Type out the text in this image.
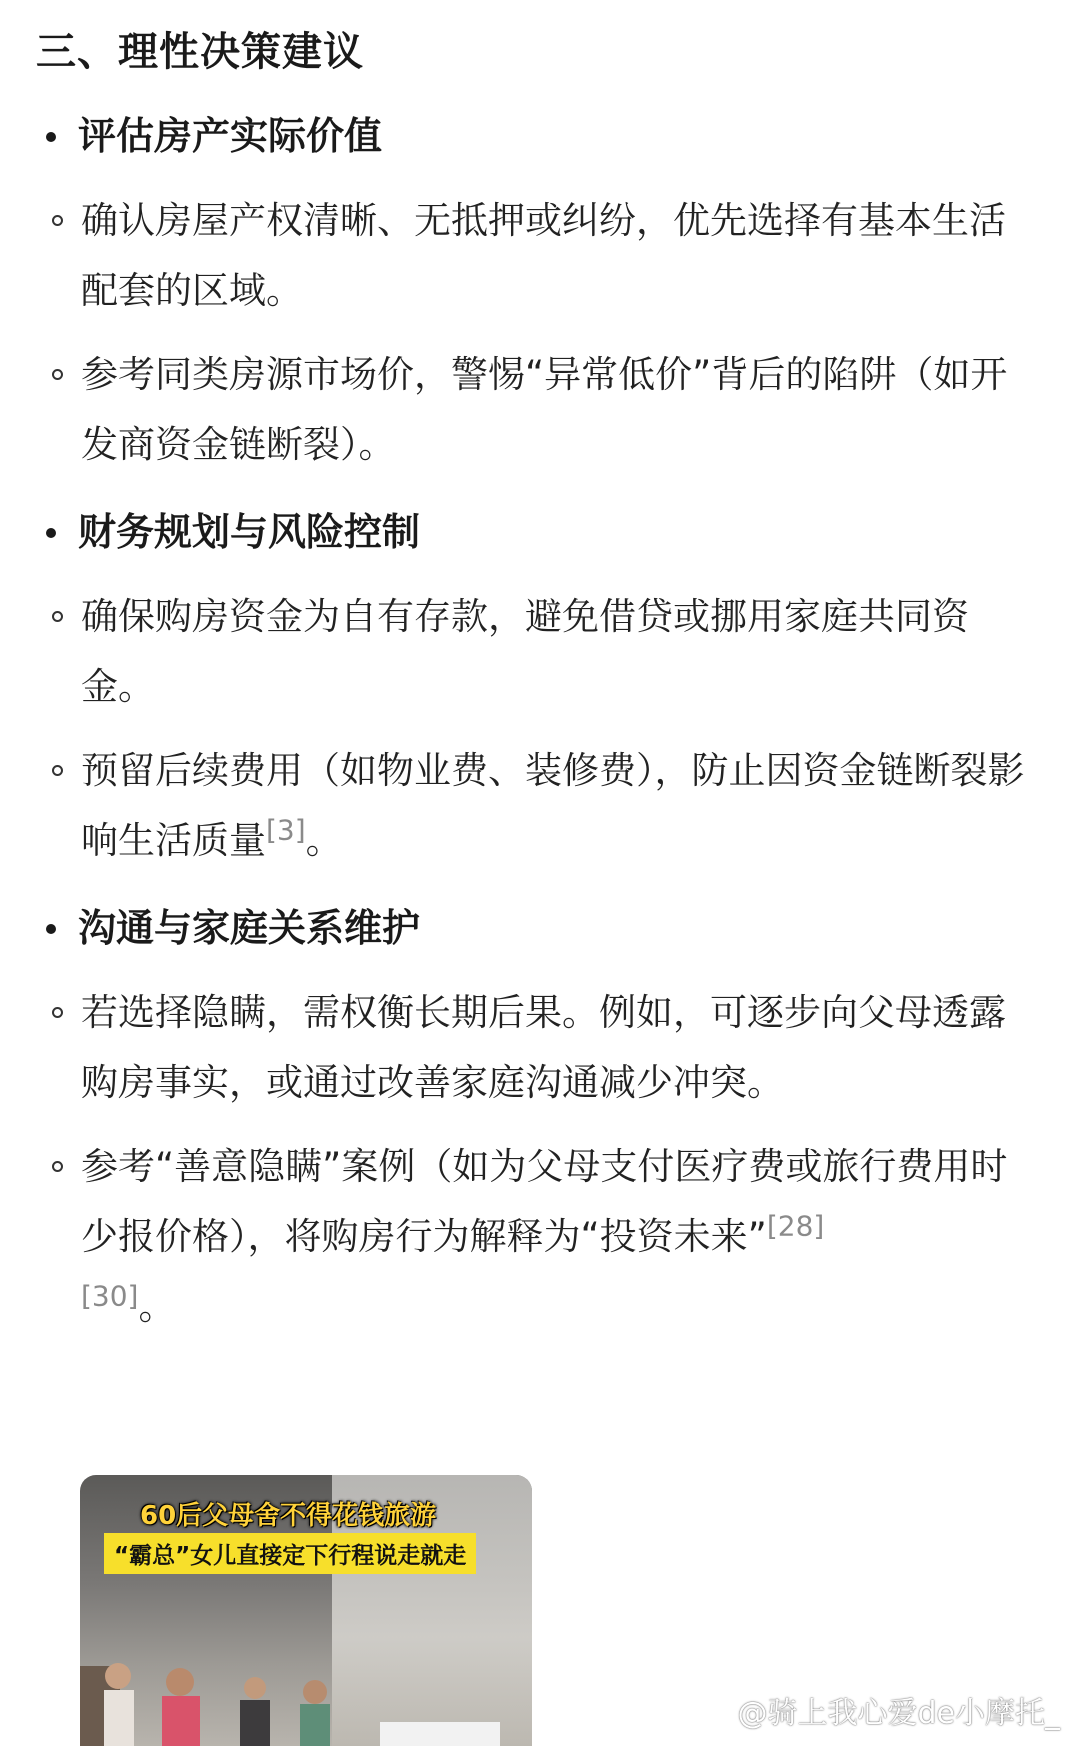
三、理性决策建议
评估房产实际价值
确认房屋产权清晰、无抵押或纠纷，优先选择有基本生活配套的区域。
参考同类房源市场价，警惕“异常低价”背后的陷阱（如开发商资金链断裂）。
财务规划与风险控制
确保购房资金为自有存款，避免借贷或挪用家庭共同资金。
预留后续费用（如物业费、装修费），防止因资金链断裂影响生活质量[3]。
沟通与家庭关系维护
若选择隐瞒，需权衡长期后果。例如，可逐步向父母透露购房事实，或通过改善家庭沟通减少冲突。
参考“善意隐瞒”案例（如为父母支付医疗费或旅行费用时少报价格），将购房行为解释为“投资未来”[28]
[30]。
60后父母舍不得花钱旅游
“霸总”女儿直接定下行程说走就走
@骑上我心爱de小摩托_
